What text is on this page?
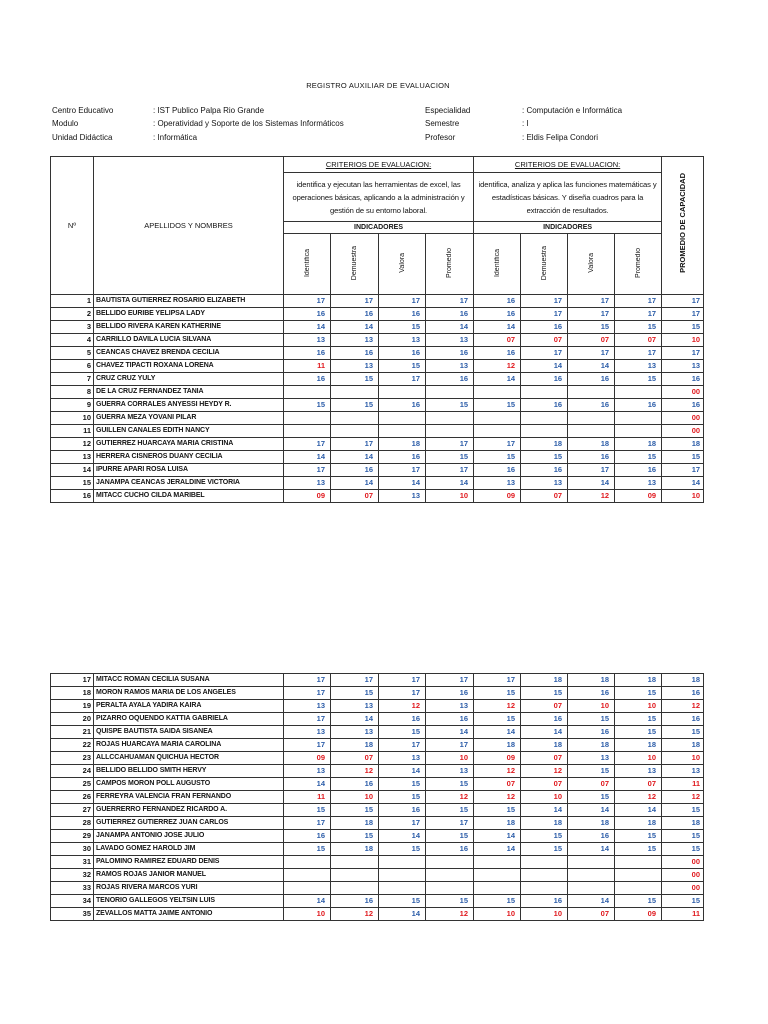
REGISTRO AUXILIAR DE EVALUACION
Centro Educativo	: IST Publico Palpa Rio Grande
Modulo	: Operatividad y Soporte de los Sistemas Informáticos
Unidad Didáctica	: Informática
Especialidad	: Computación e Informática
Semestre	: I
Profesor	: Eldis Felipa Condori
Nº	APELLIDOS Y NOMBRES	CRITERIOS DE EVALUACION:				CRITERIOS DE EVALUACION:				PROMEDIO DE CAPACIDAD
		identifica y ejecutan las herramientas de excel, las operaciones básicas, aplicando a la administración y gestión de su entorno laboral.				identifica, analiza y aplica las funciones matemáticas y estadísticas básicas. Y diseña cuadros para la extracción de resultados.				
		INDICADORES				INDICADORES				
		Identifica	Demuestra	Valora	Promedio	Identifica	Demuestra	Valora	Promedio	
1	BAUTISTA GUTIERREZ ROSARIO ELIZABETH	17	17	17	17	16	17	17	17	17
2	BELLIDO EURIBE YELIPSA LADY	16	16	16	16	16	17	17	17	17
3	BELLIDO RIVERA KAREN KATHERINE	14	14	15	14	14	16	15	15	15
4	CARRILLO DAVILA LUCIA SILVANA	13	13	13	13	07	07	07	07	10
5	CEANCAS CHAVEZ BRENDA CECILIA	16	16	16	16	16	17	17	17	17
6	CHAVEZ TIPACTI ROXANA LORENA	11	13	15	13	12	14	14	13	13
7	CRUZ CRUZ YULY	16	15	17	16	14	16	16	15	16
8	DE LA CRUZ FERNANDEZ TANIA									00
9	GUERRA CORRALES ANYESSI HEYDY R.	15	15	16	15	15	16	16	16	16
10	GUERRA MEZA YOVANI PILAR									00
11	GUILLEN CANALES EDITH NANCY									00
12	GUTIERREZ HUARCAYA MARIA CRISTINA	17	17	18	17	17	18	18	18	18
13	HERRERA CISNEROS DUANY CECILIA	14	14	16	15	15	15	16	15	15
14	IPURRE APARI ROSA LUISA	17	16	17	17	16	16	17	16	17
15	JANAMPA CEANCAS JERALDINE VICTORIA	13	14	14	14	13	13	14	13	14
16	MITACC CUCHO CILDA MARIBEL	09	07	13	10	09	07	12	09	10
17	MITACC ROMAN CECILIA SUSANA	17	17	17	17	17	18	18	18	18
18	MORON RAMOS MARIA DE LOS ANGELES	17	15	17	16	15	15	16	15	16
19	PERALTA AYALA YADIRA KAIRA	13	13	12	13	12	07	10	10	12
20	PIZARRO OQUENDO KATTIA GABRIELA	17	14	16	16	15	16	15	15	16
21	QUISPE BAUTISTA SAIDA SISANEA	13	13	15	14	14	14	16	15	15
22	ROJAS HUARCAYA MARIA CAROLINA	17	18	17	17	18	18	18	18	18
23	ALLCCAHUAMAN QUICHUA HECTOR	09	07	13	10	09	07	13	10	10
24	BELLIDO BELLIDO SMITH HERVY	13	12	14	13	12	12	15	13	13
25	CAMPOS MORON POLL AUGUSTO	14	16	15	15	07	07	07	07	11
26	FERREYRA VALENCIA FRAN FERNANDO	11	10	15	12	12	10	15	12	12
27	GUERRERRO FERNANDEZ RICARDO A.	15	15	16	15	15	14	14	14	15
28	GUTIERREZ GUTIERREZ JUAN CARLOS	17	18	17	17	18	18	18	18	18
29	JANAMPA ANTONIO JOSE JULIO	16	15	14	15	14	15	16	15	15
30	LAVADO GOMEZ HAROLD JIM	15	18	15	16	14	15	14	15	15
31	PALOMINO RAMIREZ EDUARD DENIS									00
32	RAMOS ROJAS JANIOR MANUEL									00
33	ROJAS RIVERA MARCOS YURI									00
34	TENORIO GALLEGOS YELTSIN LUIS	14	16	15	15	15	16	14	15	15
35	ZEVALLOS MATTA JAIME ANTONIO	10	12	14	12	10	10	07	09	11
